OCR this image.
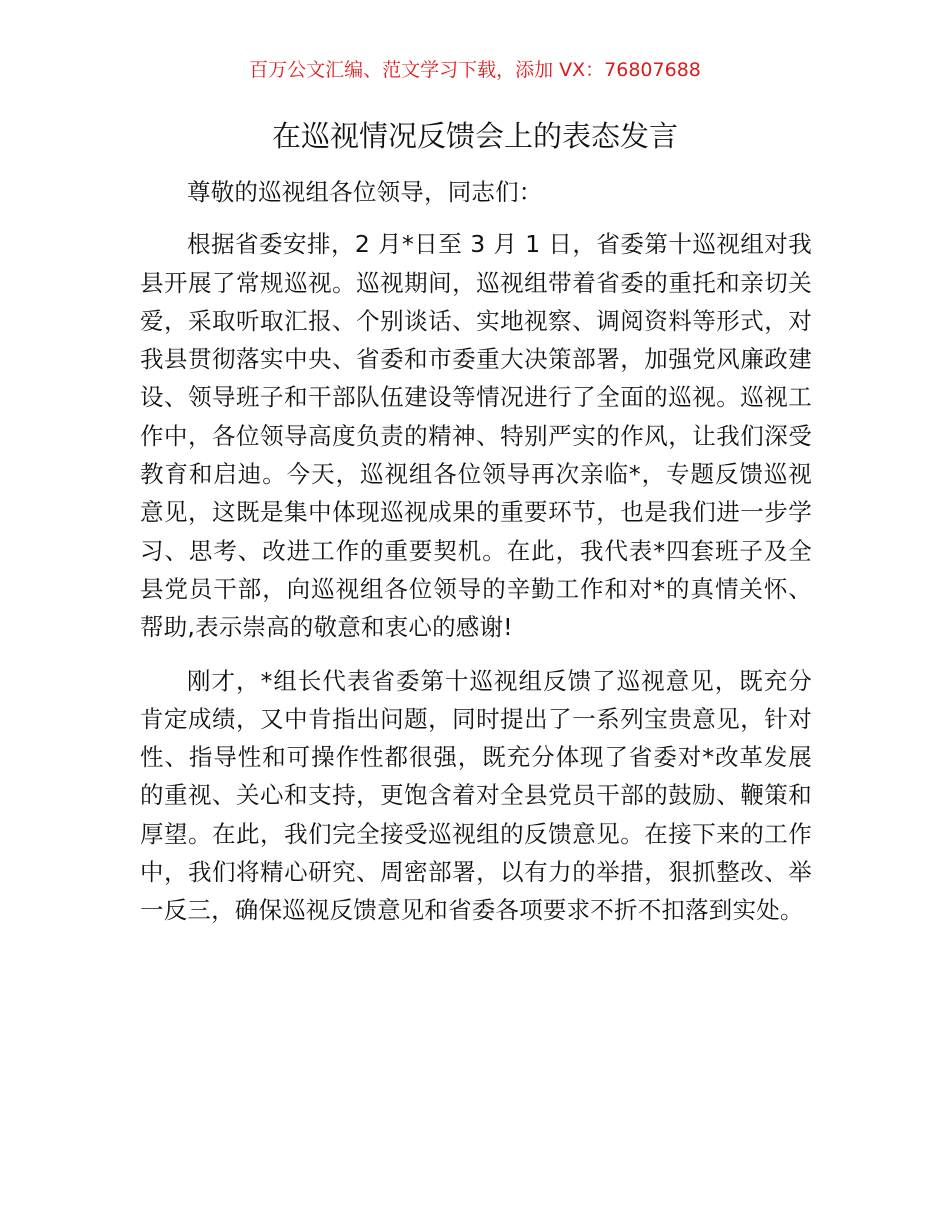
百万公文汇编、范文学习下载，添加 VX：76807688
在巡视情况反馈会上的表态发言

尊敬的巡视组各位领导，同志们：

根据省委安排，2 月*日至 3 月 1 日，省委第十巡视组对我县开展了常规巡视。巡视期间，巡视组带着省委的重托和亲切关爱，采取听取汇报、个别谈话、实地视察、调阅资料等形式，对我县贯彻落实中央、省委和市委重大决策部署，加强党风廉政建设、领导班子和干部队伍建设等情况进行了全面的巡视。巡视工作中，各位领导高度负责的精神、特别严实的作风，让我们深受教育和启迪。今天，巡视组各位领导再次亲临*，专题反馈巡视意见，这既是集中体现巡视成果的重要环节，也是我们进一步学习、思考、改进工作的重要契机。在此，我代表*四套班子及全县党员干部，向巡视组各位领导的辛勤工作和对*的真情关怀、帮助,表示崇高的敬意和衷心的感谢!

刚才，*组长代表省委第十巡视组反馈了巡视意见，既充分肯定成绩，又中肯指出问题，同时提出了一系列宝贵意见，针对性、指导性和可操作性都很强，既充分体现了省委对*改革发展的重视、关心和支持，更饱含着对全县党员干部的鼓励、鞭策和厚望。在此，我们完全接受巡视组的反馈意见。在接下来的工作中，我们将精心研究、周密部署，以有力的举措，狠抓整改、举一反三，确保巡视反馈意见和省委各项要求不折不扣落到实处。
